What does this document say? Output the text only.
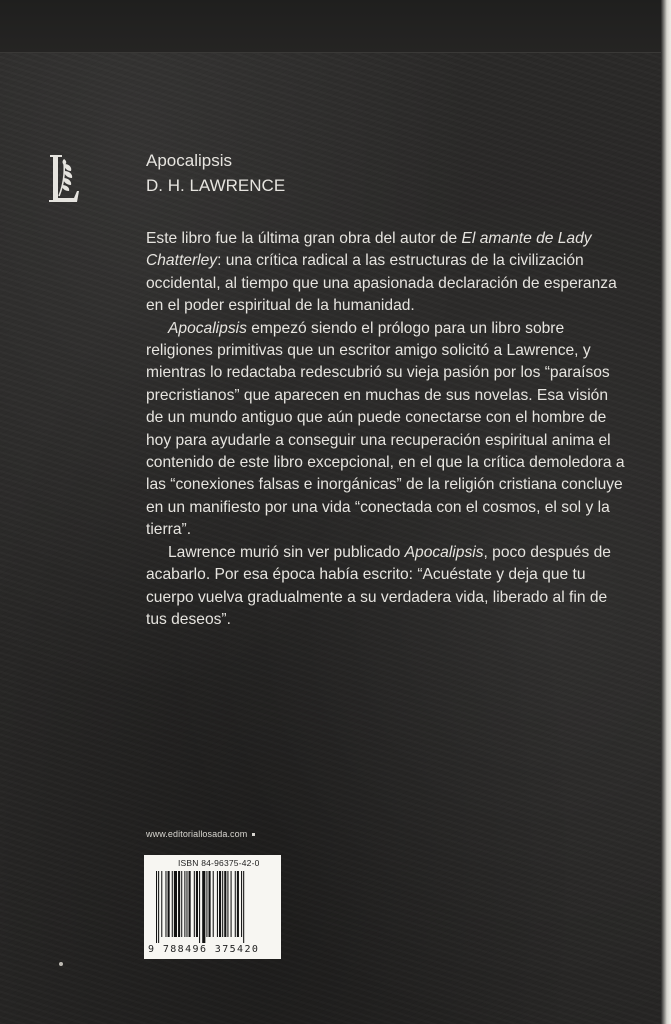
Apocalipsis
D. H. LAWRENCE

Este libro fue la última gran obra del autor de El amante de Lady Chatterley: una crítica radical a las estructuras de la civilización occidental, al tiempo que una apasionada declaración de esperanza en el poder espiritual de la humanidad.

Apocalipsis empezó siendo el prólogo para un libro sobre religiones primitivas que un escritor amigo solicitó a Lawrence, y mientras lo redactaba redescubrió su vieja pasión por los “paraísos precristianos” que aparecen en muchas de sus novelas. Esa visión de un mundo antiguo que aún puede conectarse con el hombre de hoy para ayudarle a conseguir una recuperación espiritual anima el contenido de este libro excepcional, en el que la crítica demoledora a las “conexiones falsas e inorgánicas” de la religión cristiana concluye en un manifiesto por una vida “conectada con el cosmos, el sol y la tierra”.

Lawrence murió sin ver publicado Apocalipsis, poco después de acabarlo. Por esa época había escrito: “Acuéstate y deja que tu cuerpo vuelva gradualmente a su verdadera vida, liberado al fin de tus deseos”.

www.editoriallosada.com
ISBN 84-96375-42-0
9 788496 375420
